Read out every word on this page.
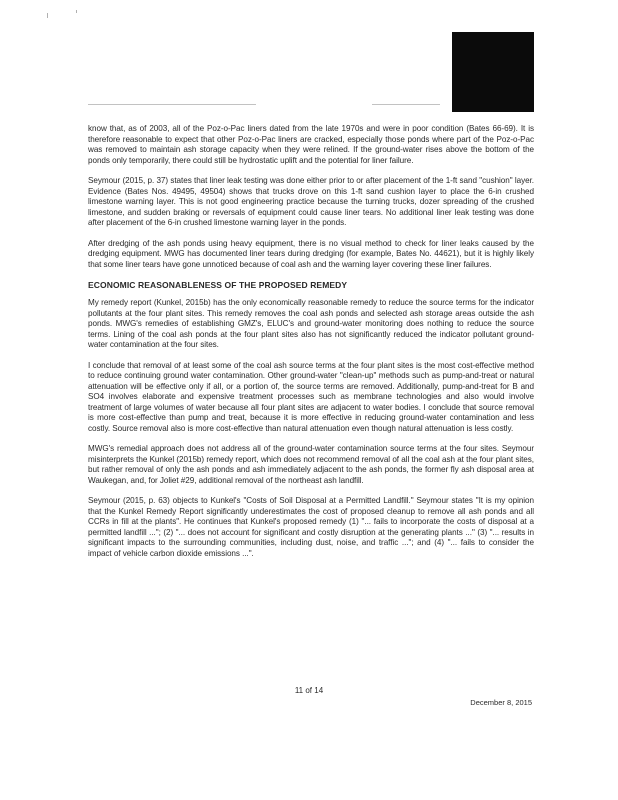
know that, as of 2003, all of the Poz-o-Pac liners dated from the late 1970s and were in poor condition (Bates 66-69). It is therefore reasonable to expect that other Poz-o-Pac liners are cracked, especially those ponds where part of the Poz-o-Pac was removed to maintain ash storage capacity when they were relined. If the ground-water rises above the bottom of the ponds only temporarily, there could still be hydrostatic uplift and the potential for liner failure.

Seymour (2015, p. 37) states that liner leak testing was done either prior to or after placement of the 1-ft sand "cushion" layer. Evidence (Bates Nos. 49495, 49504) shows that trucks drove on this 1-ft sand cushion layer to place the 6-in crushed limestone warning layer. This is not good engineering practice because the turning trucks, dozer spreading of the crushed limestone, and sudden braking or reversals of equipment could cause liner tears. No additional liner leak testing was done after placement of the 6-in crushed limestone warning layer in the ponds.

After dredging of the ash ponds using heavy equipment, there is no visual method to check for liner leaks caused by the dredging equipment. MWG has documented liner tears during dredging (for example, Bates No. 44621), but it is highly likely that some liner tears have gone unnoticed because of coal ash and the warning layer covering these liner failures.

ECONOMIC REASONABLENESS OF THE PROPOSED REMEDY

My remedy report (Kunkel, 2015b) has the only economically reasonable remedy to reduce the source terms for the indicator pollutants at the four plant sites. This remedy removes the coal ash ponds and selected ash storage areas outside the ash ponds. MWG's remedies of establishing GMZ's, ELUC's and ground-water monitoring does nothing to reduce the source terms. Lining of the coal ash ponds at the four plant sites also has not significantly reduced the indicator pollutant ground-water contamination at the four sites.

I conclude that removal of at least some of the coal ash source terms at the four plant sites is the most cost-effective method to reduce continuing ground water contamination. Other ground-water "clean-up" methods such as pump-and-treat or natural attenuation will be effective only if all, or a portion of, the source terms are removed. Additionally, pump-and-treat for B and SO4 involves elaborate and expensive treatment processes such as membrane technologies and also would involve treatment of large volumes of water because all four plant sites are adjacent to water bodies. I conclude that source removal is more cost-effective than pump and treat, because it is more effective in reducing ground-water contamination and less costly. Source removal also is more cost-effective than natural attenuation even though natural attenuation is less costly.

MWG's remedial approach does not address all of the ground-water contamination source terms at the four sites. Seymour misinterprets the Kunkel (2015b) remedy report, which does not recommend removal of all the coal ash at the four plant sites, but rather removal of only the ash ponds and ash immediately adjacent to the ash ponds, the former fly ash disposal area at Waukegan, and, for Joliet #29, additional removal of the northeast ash landfill.

Seymour (2015, p. 63) objects to Kunkel's "Costs of Soil Disposal at a Permitted Landfill." Seymour states "It is my opinion that the Kunkel Remedy Report significantly underestimates the cost of proposed cleanup to remove all ash ponds and all CCRs in fill at the plants". He continues that Kunkel's proposed remedy (1) "... fails to incorporate the costs of disposal at a permitted landfill ..."; (2) "... does not account for significant and costly disruption at the generating plants ..." (3) "... results in significant impacts to the surrounding communities, including dust, noise, and traffic ..."; and (4) "... fails to consider the impact of vehicle carbon dioxide emissions ...".

11 of 14
December 8, 2015
